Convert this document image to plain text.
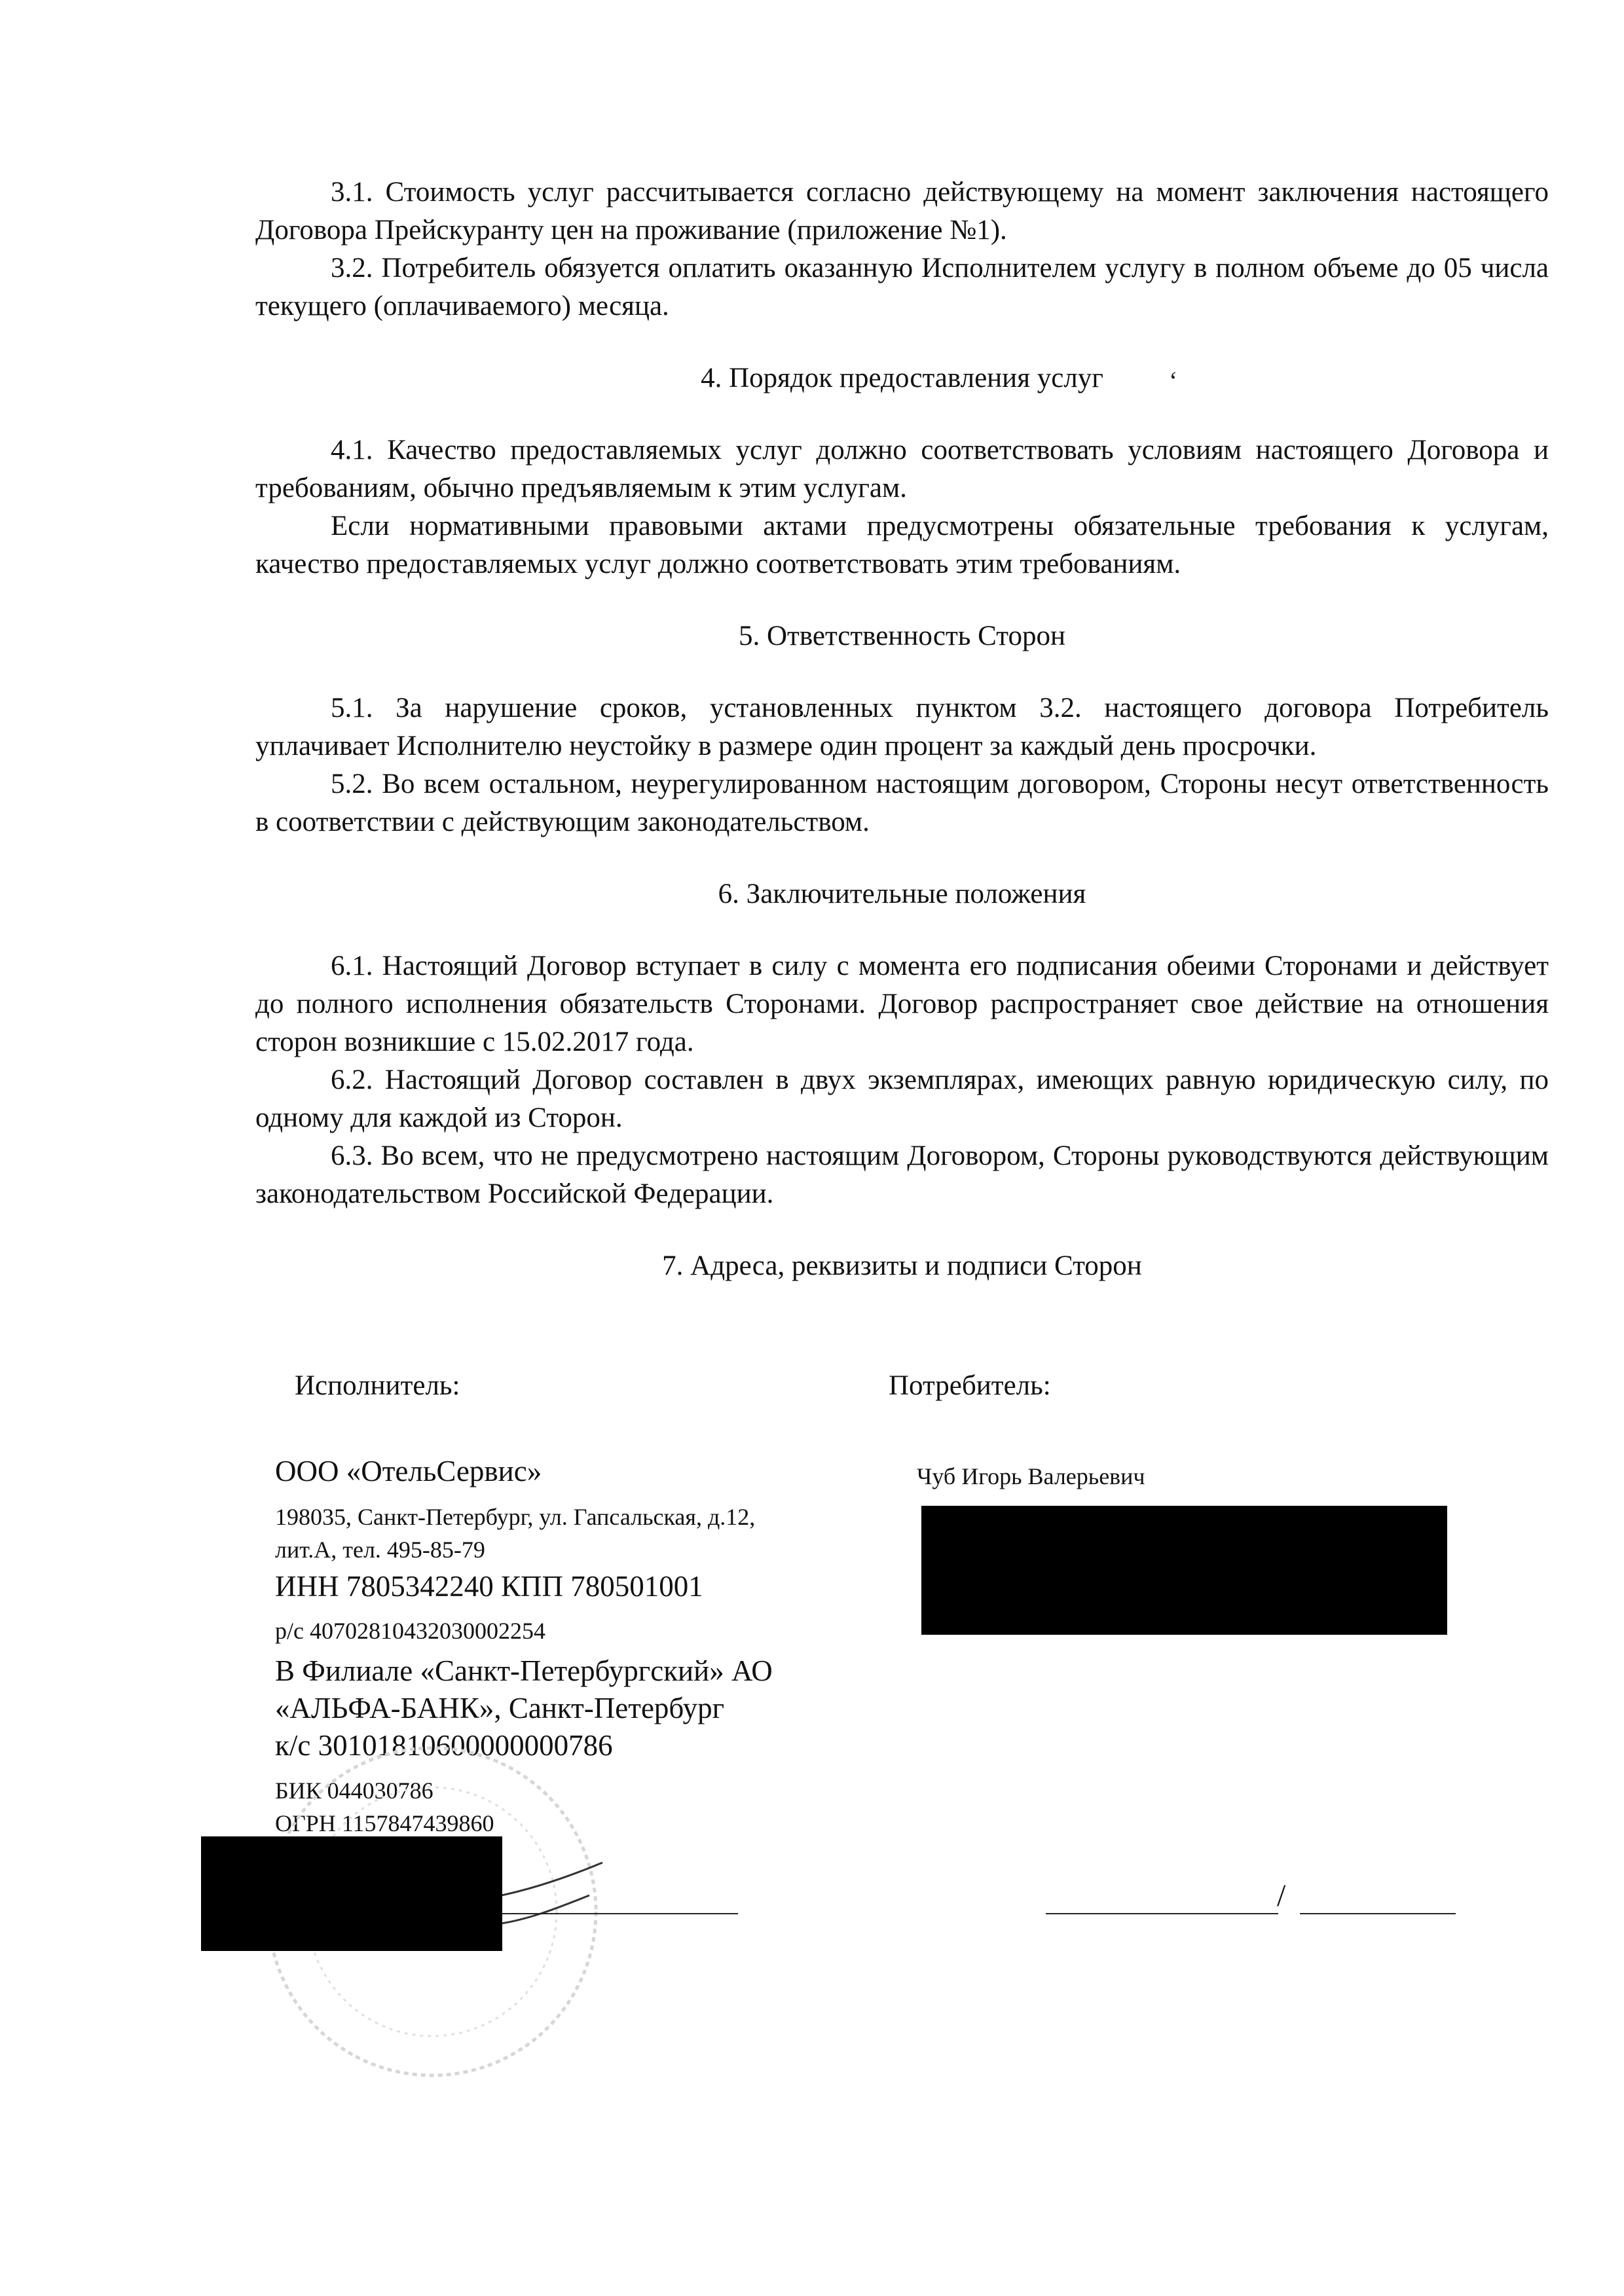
3.1. Стоимость услуг рассчитывается согласно действующему на момент заключения настоящего Договора Прейскуранту цен на проживание (приложение №1).

3.2. Потребитель обязуется оплатить оказанную Исполнителем услугу в полном объеме до 05 числа текущего (оплачиваемого) месяца.

4. Порядок предоставления услуг

4.1. Качество предоставляемых услуг должно соответствовать условиям настоящего Договора и требованиям, обычно предъявляемым к этим услугам.

Если нормативными правовыми актами предусмотрены обязательные требования к услугам, качество предоставляемых услуг должно соответствовать этим требованиям.

5. Ответственность Сторон

5.1. За нарушение сроков, установленных пунктом 3.2. настоящего договора Потребитель уплачивает Исполнителю неустойку в размере один процент за каждый день просрочки.

5.2. Во всем остальном, неурегулированном настоящим договором, Стороны несут ответственность в соответствии с действующим законодательством.

6. Заключительные положения

6.1. Настоящий Договор вступает в силу с момента его подписания обеими Сторонами и действует до полного исполнения обязательств Сторонами. Договор распространяет свое действие на отношения сторон возникшие с 15.02.2017 года.

6.2. Настоящий Договор составлен в двух экземплярах, имеющих равную юридическую силу, по одному для каждой из Сторон.

6.3. Во всем, что не предусмотрено настоящим Договором, Стороны руководствуются действующим законодательством Российской Федерации.

7. Адреса, реквизиты и подписи Сторон

‘
Исполнитель:
ООО «ОтельСервис»
198035, Санкт-Петербург, ул. Гапсальская, д.12,
лит.А, тел. 495-85-79
ИНН 7805342240 КПП 780501001
р/с 40702810432030002254
В Филиале «Санкт-Петербургский» АО
«АЛЬФА-БАНК», Санкт-Петербург
к/с 30101810600000000786
БИК 044030786
ОГРН 1157847439860
Потребитель:
Чуб Игорь Валерьевич
/
